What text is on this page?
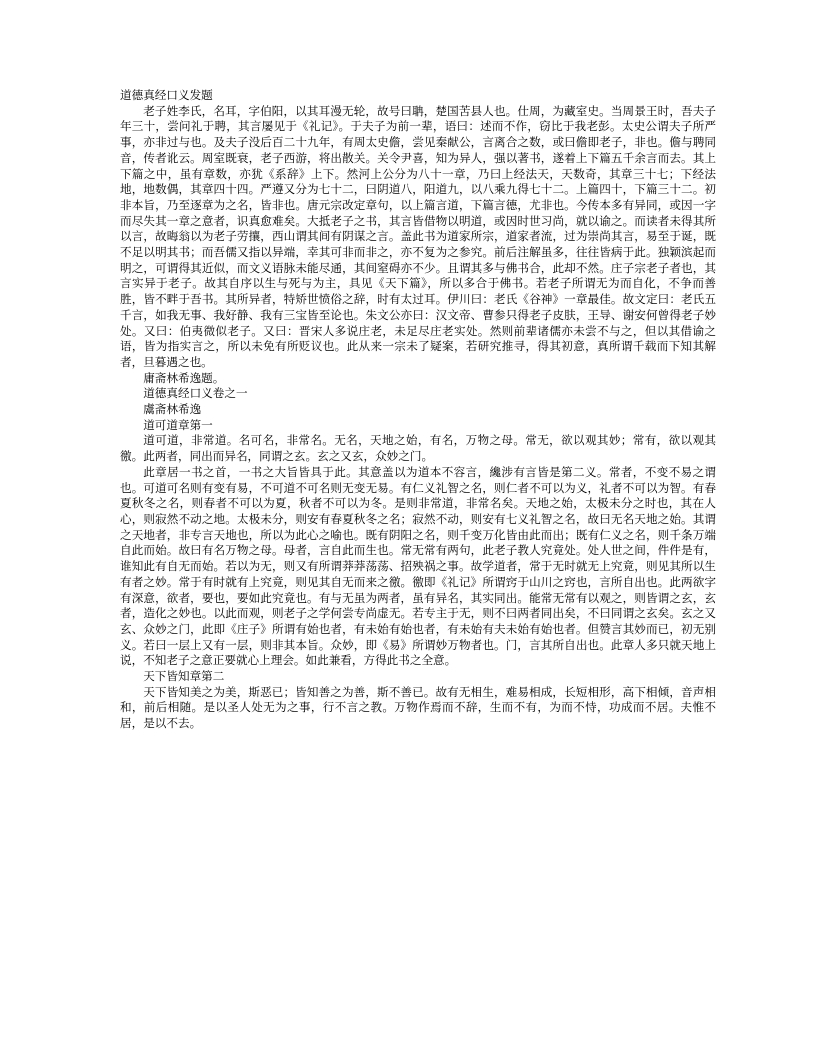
道德真经口义发题
老子姓李氏，名耳，字伯阳，以其耳漫无轮，故号曰聃，楚国苦县人也。仕周，为藏室史。当周景王时，吾夫子年三十，尝问礼于聘，其言屡见于《礼记》。于夫子为前一辈，语曰：述而不作，窃比于我老彭。太史公谓夫子所严事，亦非过与也。及夫子没后百二十九年，有周太史儋，尝见秦献公，言离合之数，或曰儋即老子，非也。儋与聘同音，传者讹云。周室既衰，老子西游，将出散关。关令尹喜，知为异人，强以著书，遂着上下篇五千余言而去。其上下篇之中，虽有章数，亦犹《系辞》上下。然河上公分为八十一章，乃曰上经法天，天数奇，其章三十七；下经法地，地数偶，其章四十四。严遵又分为七十二，曰阴道八，阳道九，以八乘九得七十二。上篇四十，下篇三十二。初非本旨，乃至逐章为之名，皆非也。唐元宗改定章句，以上篇言道，下篇言德，尤非也。今传本多有异同，或因一字而尽失其一章之意者，识真愈难矣。大抵老子之书，其言皆借物以明道，或因时世习尚，就以谕之。而读者未得其所以言，故晦翁以为老子劳攘，西山谓其间有阴谋之言。盖此书为道家所宗，道家者流，过为崇尚其言，易至于诞，既不足以明其书；而吾儒又指以异端，幸其可非而非之，亦不复为之参究。前后注解虽多，往往皆病于此。独颖滨起而明之，可谓得其近似，而文义语脉未能尽通，其间窒碍亦不少。且谓其多与佛书合，此却不然。庄子宗老子者也，其言实异于老子。故其自序以生与死与为主，具见《天下篇》，所以多合于佛书。若老子所谓无为而自化，不争而善胜，皆不畔于吾书。其所异者，特矫世愤俗之辞，时有太过耳。伊川曰：老氏《谷神》一章最佳。故文定曰：老氏五千言，如我无事、我好静、我有三宝皆至论也。朱文公亦曰：汉文帝、曹参只得老子皮肤，王导、谢安何曾得老子妙处。又曰：伯夷微似老子。又曰：晋宋人多说庄老，未足尽庄老实处。然则前辈诸儒亦未尝不与之，但以其借谕之语，皆为指实言之，所以未免有所贬议也。此从来一宗未了疑案，若研究推寻，得其初意，真所谓千载而下知其解者，旦暮遇之也。
庸斋林希逸题。
道德真经口义卷之一
鬳斋林希逸
道可道章第一
道可道，非常道。名可名，非常名。无名，天地之始，有名，万物之母。常无，欲以观其妙；常有，欲以观其徼。此两者，同出而异名，同谓之玄。玄之又玄，众妙之门。
此章居一书之首，一书之大旨皆具于此。其意盖以为道本不容言，纔涉有言皆是第二义。常者，不变不易之谓也。可道可名则有变有易，不可道不可名则无变无易。有仁义礼智之名，则仁者不可以为义，礼者不可以为智。有春夏秋冬之名，则春者不可以为夏，秋者不可以为冬。是则非常道，非常名矣。天地之始，太极未分之时也，其在人心，则寂然不动之地。太极未分，则安有春夏秋冬之名；寂然不动，则安有七义礼智之名，故曰无名天地之始。其谓之天地者，非专言天地也，所以为此心之喻也。既有阴阳之名，则千变万化皆由此而出；既有仁义之名，则千条万端自此而始。故曰有名万物之母。母者，言自此而生也。常无常有两句，此老子教人究竟处。处人世之间，件件是有，谁知此有自无而始。若以为无，则又有所谓莽莽荡荡、招殃祸之事。故学道者，常于无时就无上究竟，则见其所以生有者之妙。常于有时就有上究竟，则见其自无而来之徼。徼即《礼记》所谓窍于山川之窍也，言所自出也。此两欲字有深意，欲者，要也，要如此究竟也。有与无虽为两者，虽有异名，其实同出。能常无常有以观之，则皆谓之玄，玄者，造化之妙也。以此而观，则老子之学何尝专尚虚无。若专主于无，则不曰两者同出矣，不曰同谓之玄矣。玄之又玄、众妙之门，此即《庄子》所谓有始也者，有未始有始也者，有未始有夫未始有始也者。但赞言其妙而已，初无别义。若曰一层上又有一层，则非其本旨。众妙，即《易》所谓妙万物者也。门，言其所自出也。此章人多只就天地上说，不知老子之意正要就心上理会。如此兼看，方得此书之全意。
天下皆知章第二
天下皆知美之为美，斯恶已；皆知善之为善，斯不善已。故有无相生，难易相成，长短相形，高下相倾，音声相和，前后相随。是以圣人处无为之事，行不言之教。万物作焉而不辞，生而不有，为而不恃，功成而不居。夫惟不居，是以不去。
